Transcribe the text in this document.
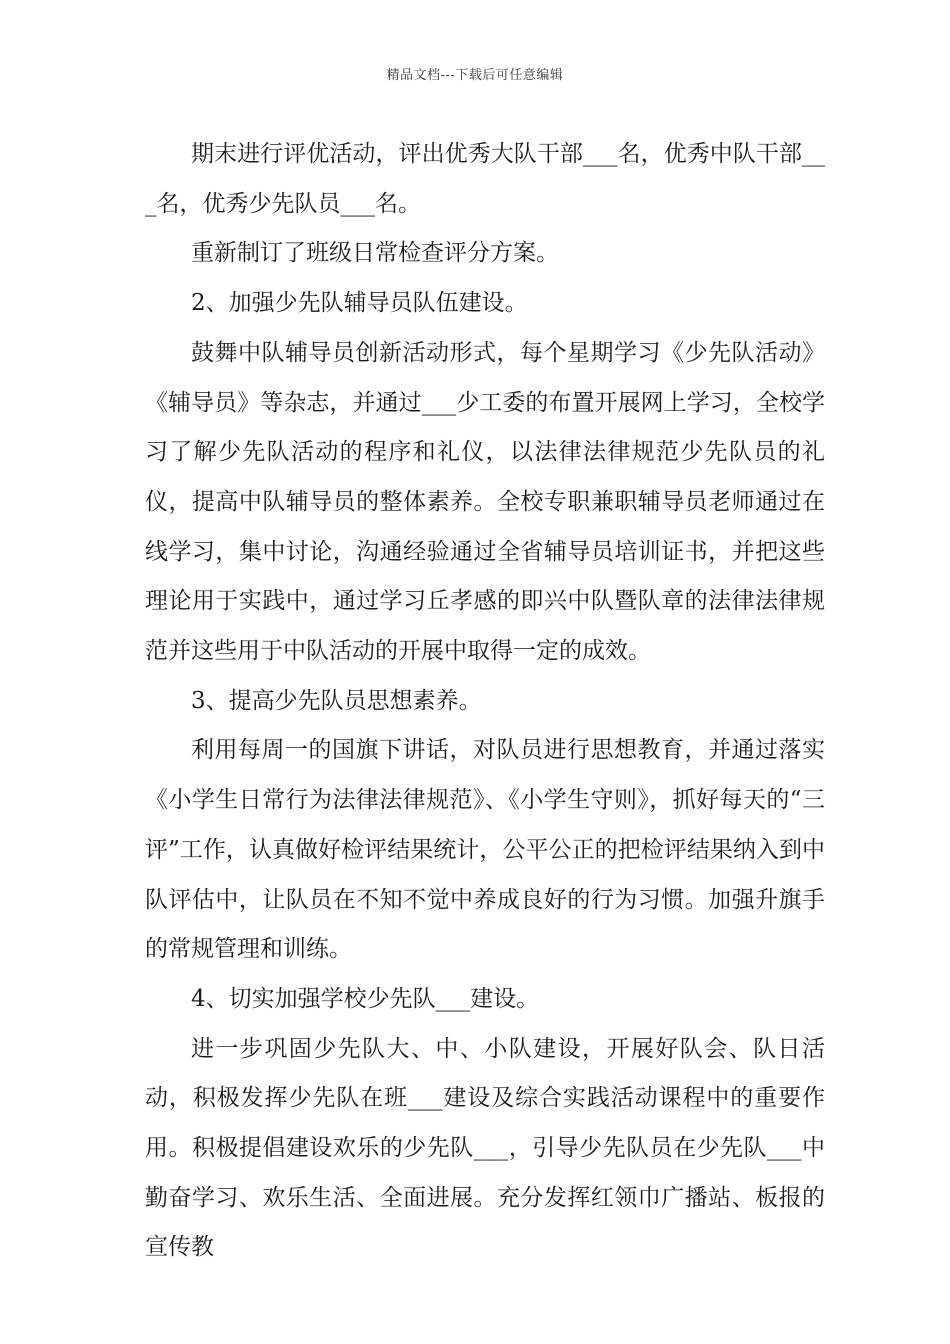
精品文档---下载后可任意编辑

期末进行评优活动，评出优秀大队干部___名，优秀中队干部___名，优秀少先队员___名。

重新制订了班级日常检查评分方案。

2、加强少先队辅导员队伍建设。

鼓舞中队辅导员创新活动形式，每个星期学习《少先队活动》《辅导员》等杂志，并通过___少工委的布置开展网上学习，全校学习了解少先队活动的程序和礼仪，以法律法律规范少先队员的礼仪，提高中队辅导员的整体素养。全校专职兼职辅导员老师通过在线学习，集中讨论，沟通经验通过全省辅导员培训证书，并把这些理论用于实践中，通过学习丘孝感的即兴中队暨队章的法律法律规范并这些用于中队活动的开展中取得一定的成效。

3、提高少先队员思想素养。

利用每周一的国旗下讲话，对队员进行思想教育，并通过落实《小学生日常行为法律法律规范》、《小学生守则》，抓好每天的“三评”工作，认真做好检评结果统计，公平公正的把检评结果纳入到中队评估中，让队员在不知不觉中养成良好的行为习惯。加强升旗手的常规管理和训练。

4、切实加强学校少先队___建设。

进一步巩固少先队大、中、小队建设，开展好队会、队日活动，积极发挥少先队在班___建设及综合实践活动课程中的重要作用。积极提倡建设欢乐的少先队___，引导少先队员在少先队___中勤奋学习、欢乐生活、全面进展。充分发挥红领巾广播站、板报的宣传教
